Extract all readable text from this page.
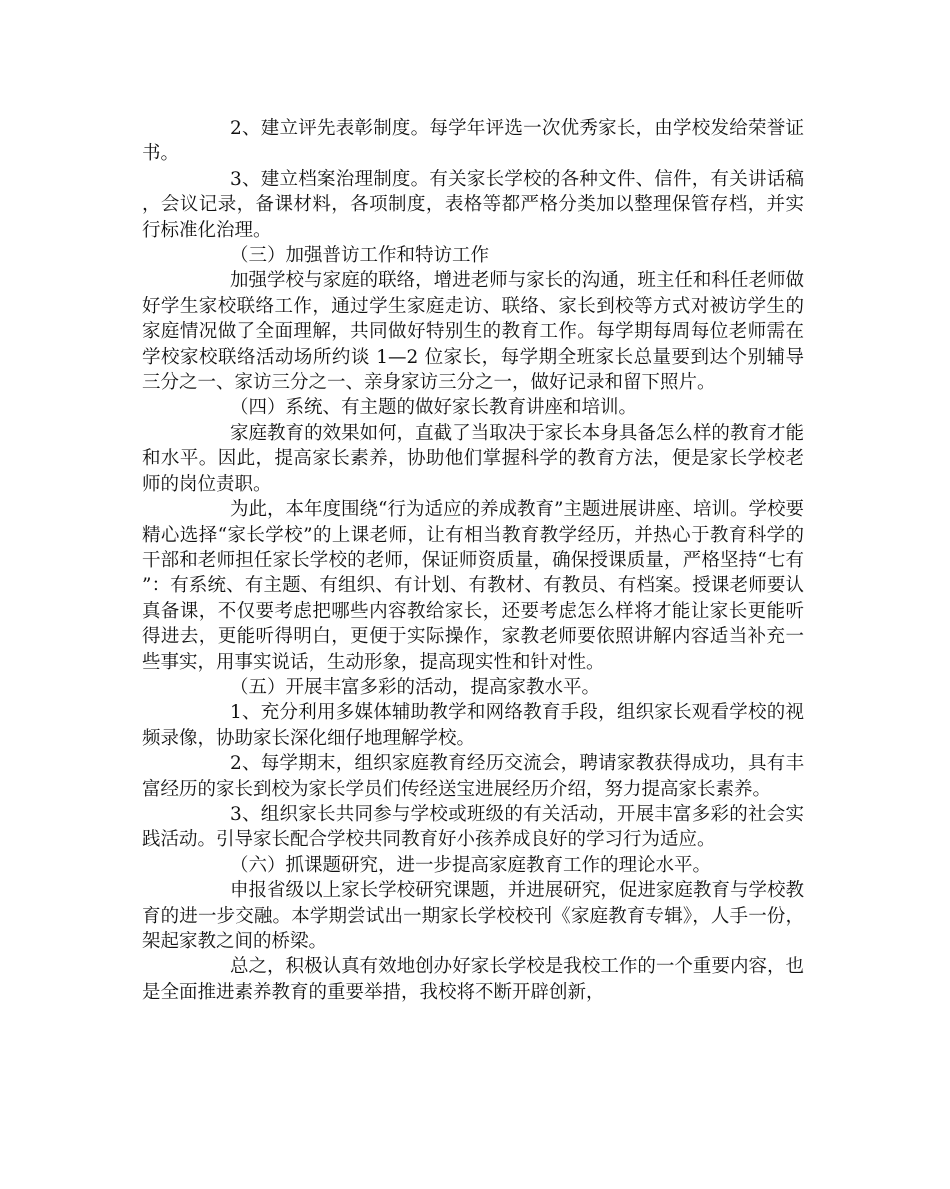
2、建立评先表彰制度。每学年评选一次优秀家长，由学校发给荣誉证书。

3、建立档案治理制度。有关家长学校的各种文件、信件，有关讲话稿，会议记录，备课材料，各项制度，表格等都严格分类加以整理保管存档，并实行标准化治理。

（三）加强普访工作和特访工作

加强学校与家庭的联络，增进老师与家长的沟通，班主任和科任老师做好学生家校联络工作，通过学生家庭走访、联络、家长到校等方式对被访学生的家庭情况做了全面理解，共同做好特别生的教育工作。每学期每周每位老师需在学校家校联络活动场所约谈 1—2 位家长，每学期全班家长总量要到达个别辅导三分之一、家访三分之一、亲身家访三分之一，做好记录和留下照片。

（四）系统、有主题的做好家长教育讲座和培训。

家庭教育的效果如何，直截了当取决于家长本身具备怎么样的教育才能和水平。因此，提高家长素养，协助他们掌握科学的教育方法，便是家长学校老师的岗位责职。

为此，本年度围绕“行为适应的养成教育”主题进展讲座、培训。学校要精心选择“家长学校”的上课老师，让有相当教育教学经历，并热心于教育科学的干部和老师担任家长学校的老师，保证师资质量，确保授课质量，严格坚持“七有”：有系统、有主题、有组织、有计划、有教材、有教员、有档案。授课老师要认真备课，不仅要考虑把哪些内容教给家长，还要考虑怎么样将才能让家长更能听得进去，更能听得明白，更便于实际操作，家教老师要依照讲解内容适当补充一些事实，用事实说话，生动形象，提高现实性和针对性。

（五）开展丰富多彩的活动，提高家教水平。

1、充分利用多媒体辅助教学和网络教育手段，组织家长观看学校的视频录像，协助家长深化细仔地理解学校。

2、每学期末，组织家庭教育经历交流会，聘请家教获得成功，具有丰富经历的家长到校为家长学员们传经送宝进展经历介绍，努力提高家长素养。

3、组织家长共同参与学校或班级的有关活动，开展丰富多彩的社会实践活动。引导家长配合学校共同教育好小孩养成良好的学习行为适应。

（六）抓课题研究，进一步提高家庭教育工作的理论水平。

申报省级以上家长学校研究课题，并进展研究，促进家庭教育与学校教育的进一步交融。本学期尝试出一期家长学校校刊《家庭教育专辑》，人手一份，架起家教之间的桥梁。

总之，积极认真有效地创办好家长学校是我校工作的一个重要内容，也是全面推进素养教育的重要举措，我校将不断开辟创新，
